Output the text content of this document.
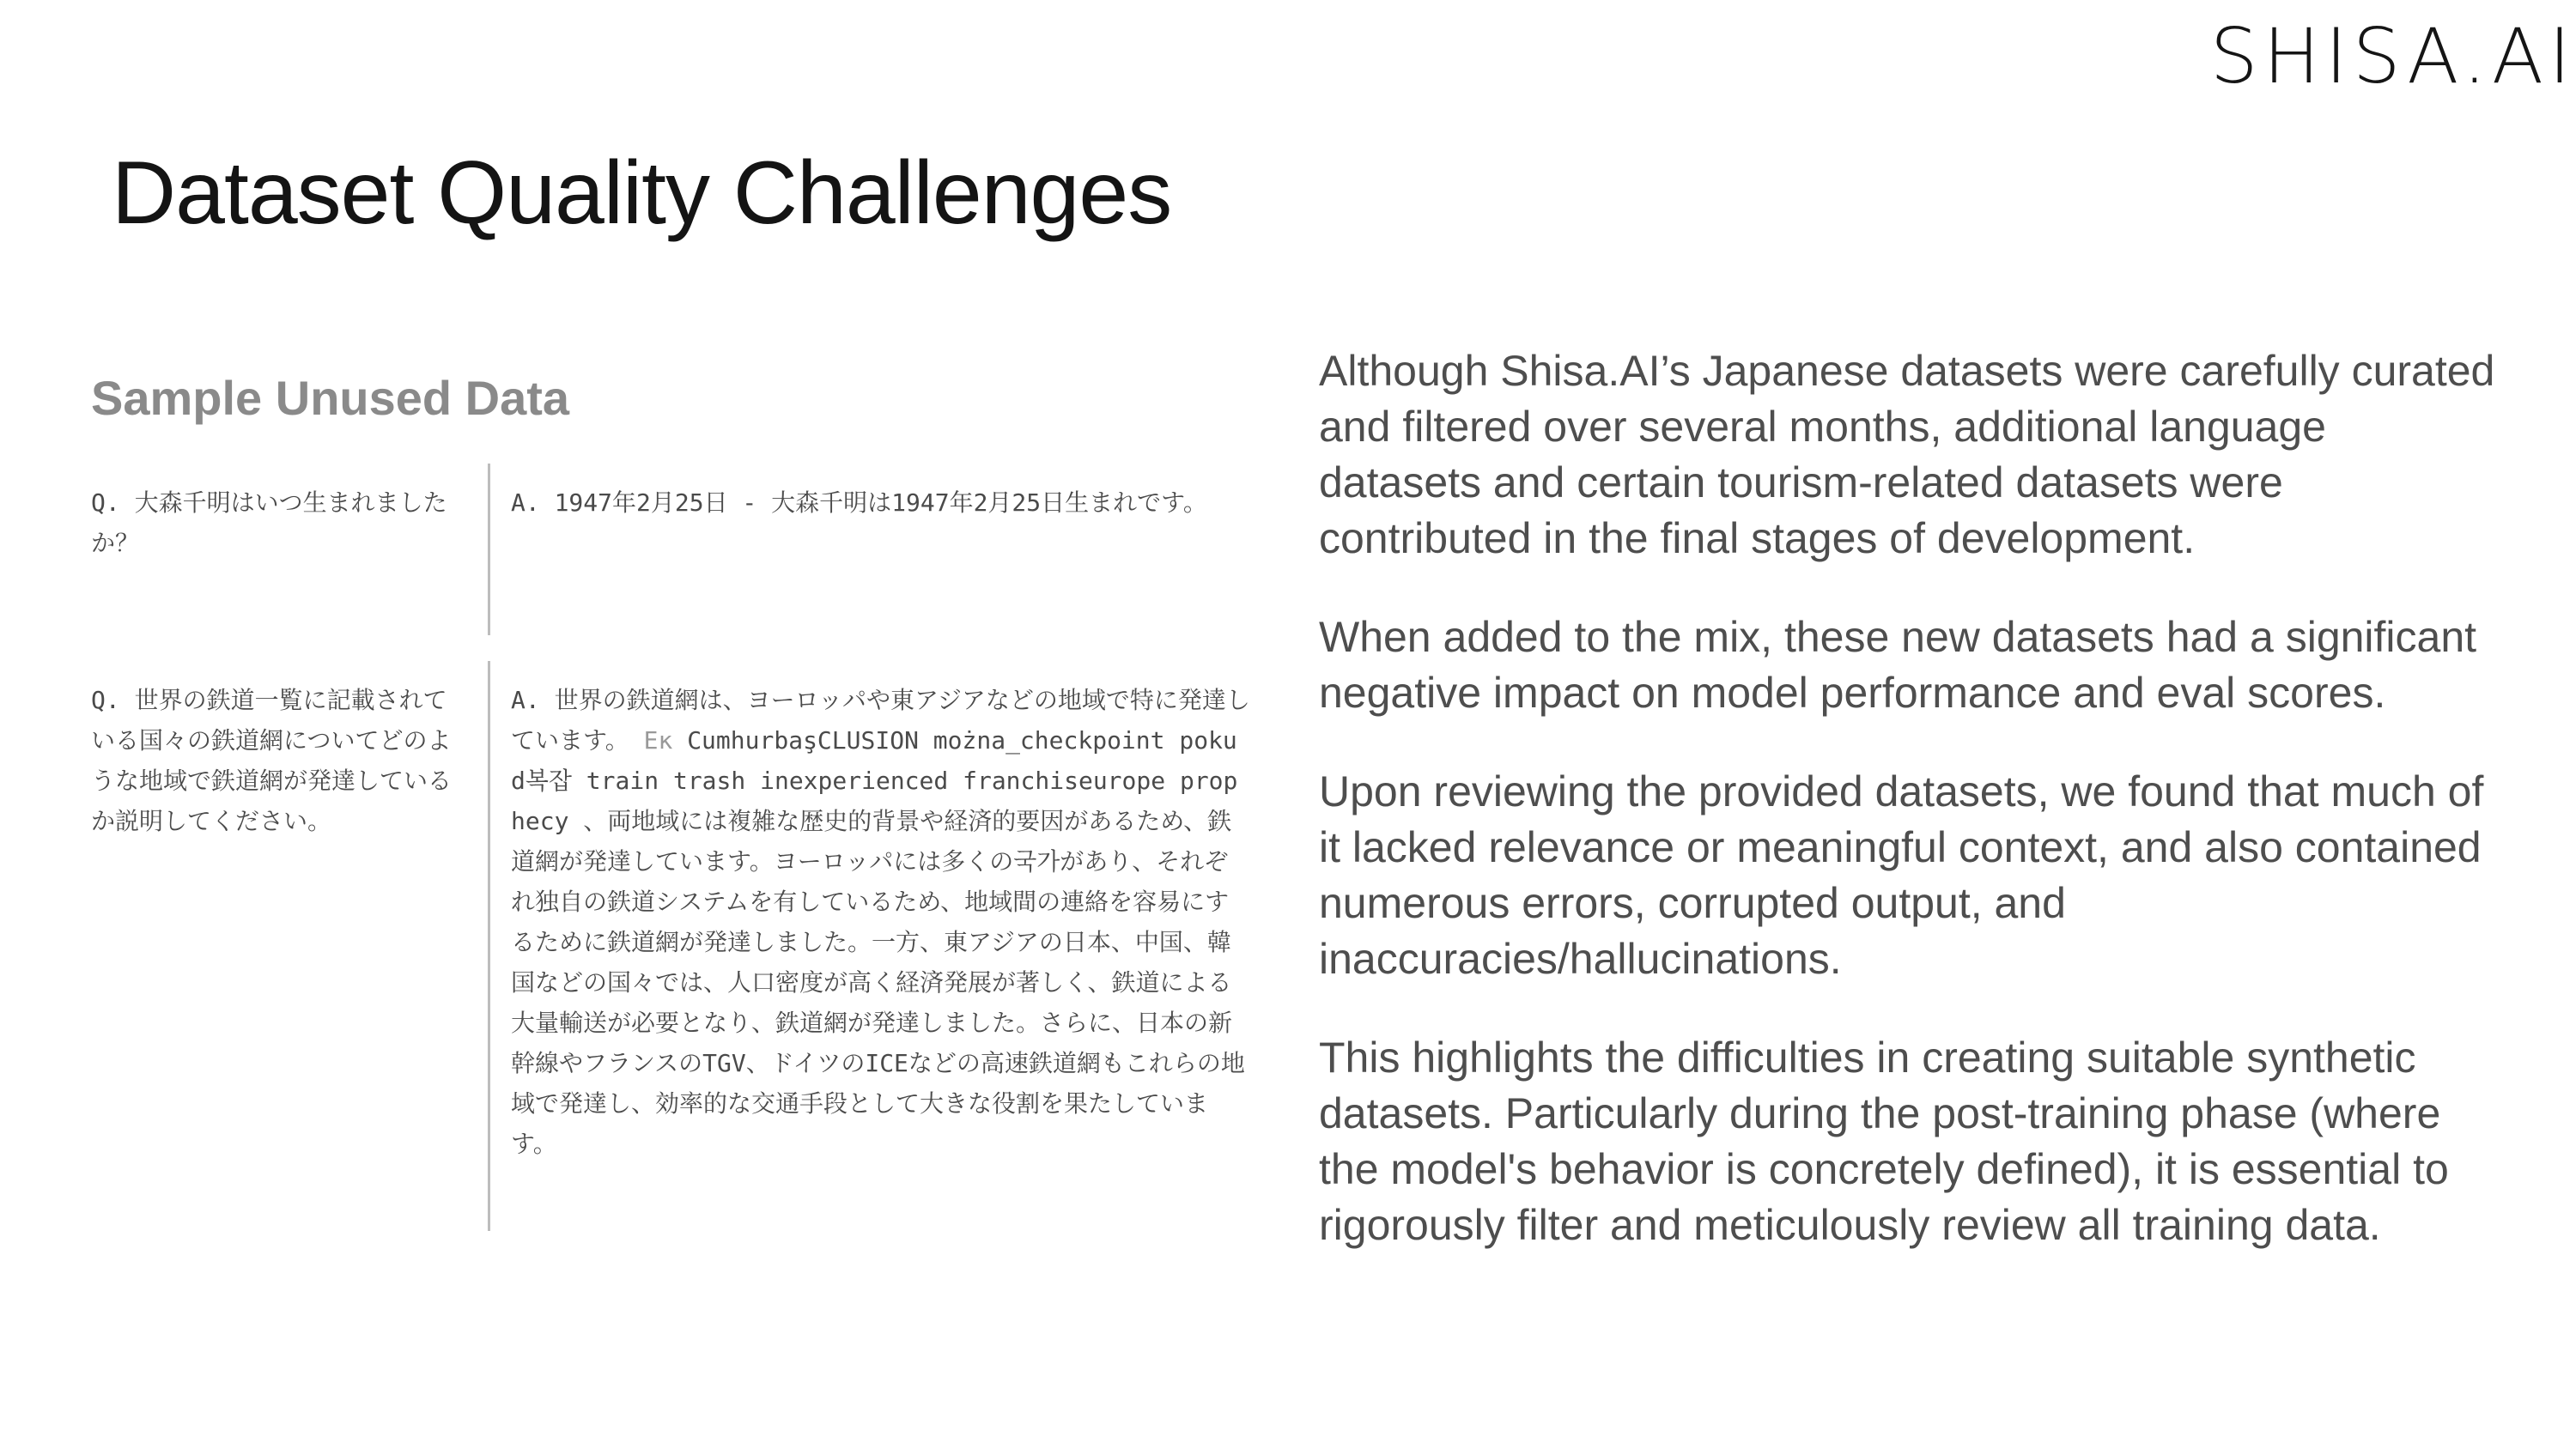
SHISA.AI
Dataset Quality Challenges
Sample Unused Data
Q. 大森千明はいつ生まれましたか？
A. 1947年2月25日 - 大森千明は1947年2月25日生まれです。
Q. 世界の鉄道一覧に記載されている国々の鉄道網についてどのような地域で鉄道網が発達しているか説明してください。
A. 世界の鉄道網は、ヨーロッパや東アジアなどの地域で特に発達しています。 Ек CumhurbaşCLUSION można_checkpoint pokud복잡 train trash inexperienced franchiseurope prophecy 、両地域には複雑な歴史的背景や経済的要因があるため、鉄道網が発達しています。ヨーロッパには多くの국가があり、それぞれ独自の鉄道システムを有しているため、地域間の連絡を容易にするために鉄道網が発達しました。一方、東アジアの日本、中国、韓国などの国々では、人口密度が高く経済発展が著しく、鉄道による大量輸送が必要となり、鉄道網が発達しました。さらに、日本の新幹線やフランスのTGV、ドイツのICEなどの高速鉄道網もこれらの地域で発達し、効率的な交通手段として大きな役割を果たしています。

Although Shisa.AI’s Japanese datasets were carefully curated and filtered over several months, additional language datasets and certain tourism-related datasets were contributed in the final stages of development.

When added to the mix, these new datasets had a significant negative impact on model performance and eval scores.

Upon reviewing the provided datasets, we found that much of it lacked relevance or meaningful context, and also contained numerous errors, corrupted output, and inaccuracies/hallucinations.

This highlights the difficulties in creating suitable synthetic datasets. Particularly during the post-training phase (where the model's behavior is concretely defined), it is essential to rigorously filter and meticulously review all training data.
